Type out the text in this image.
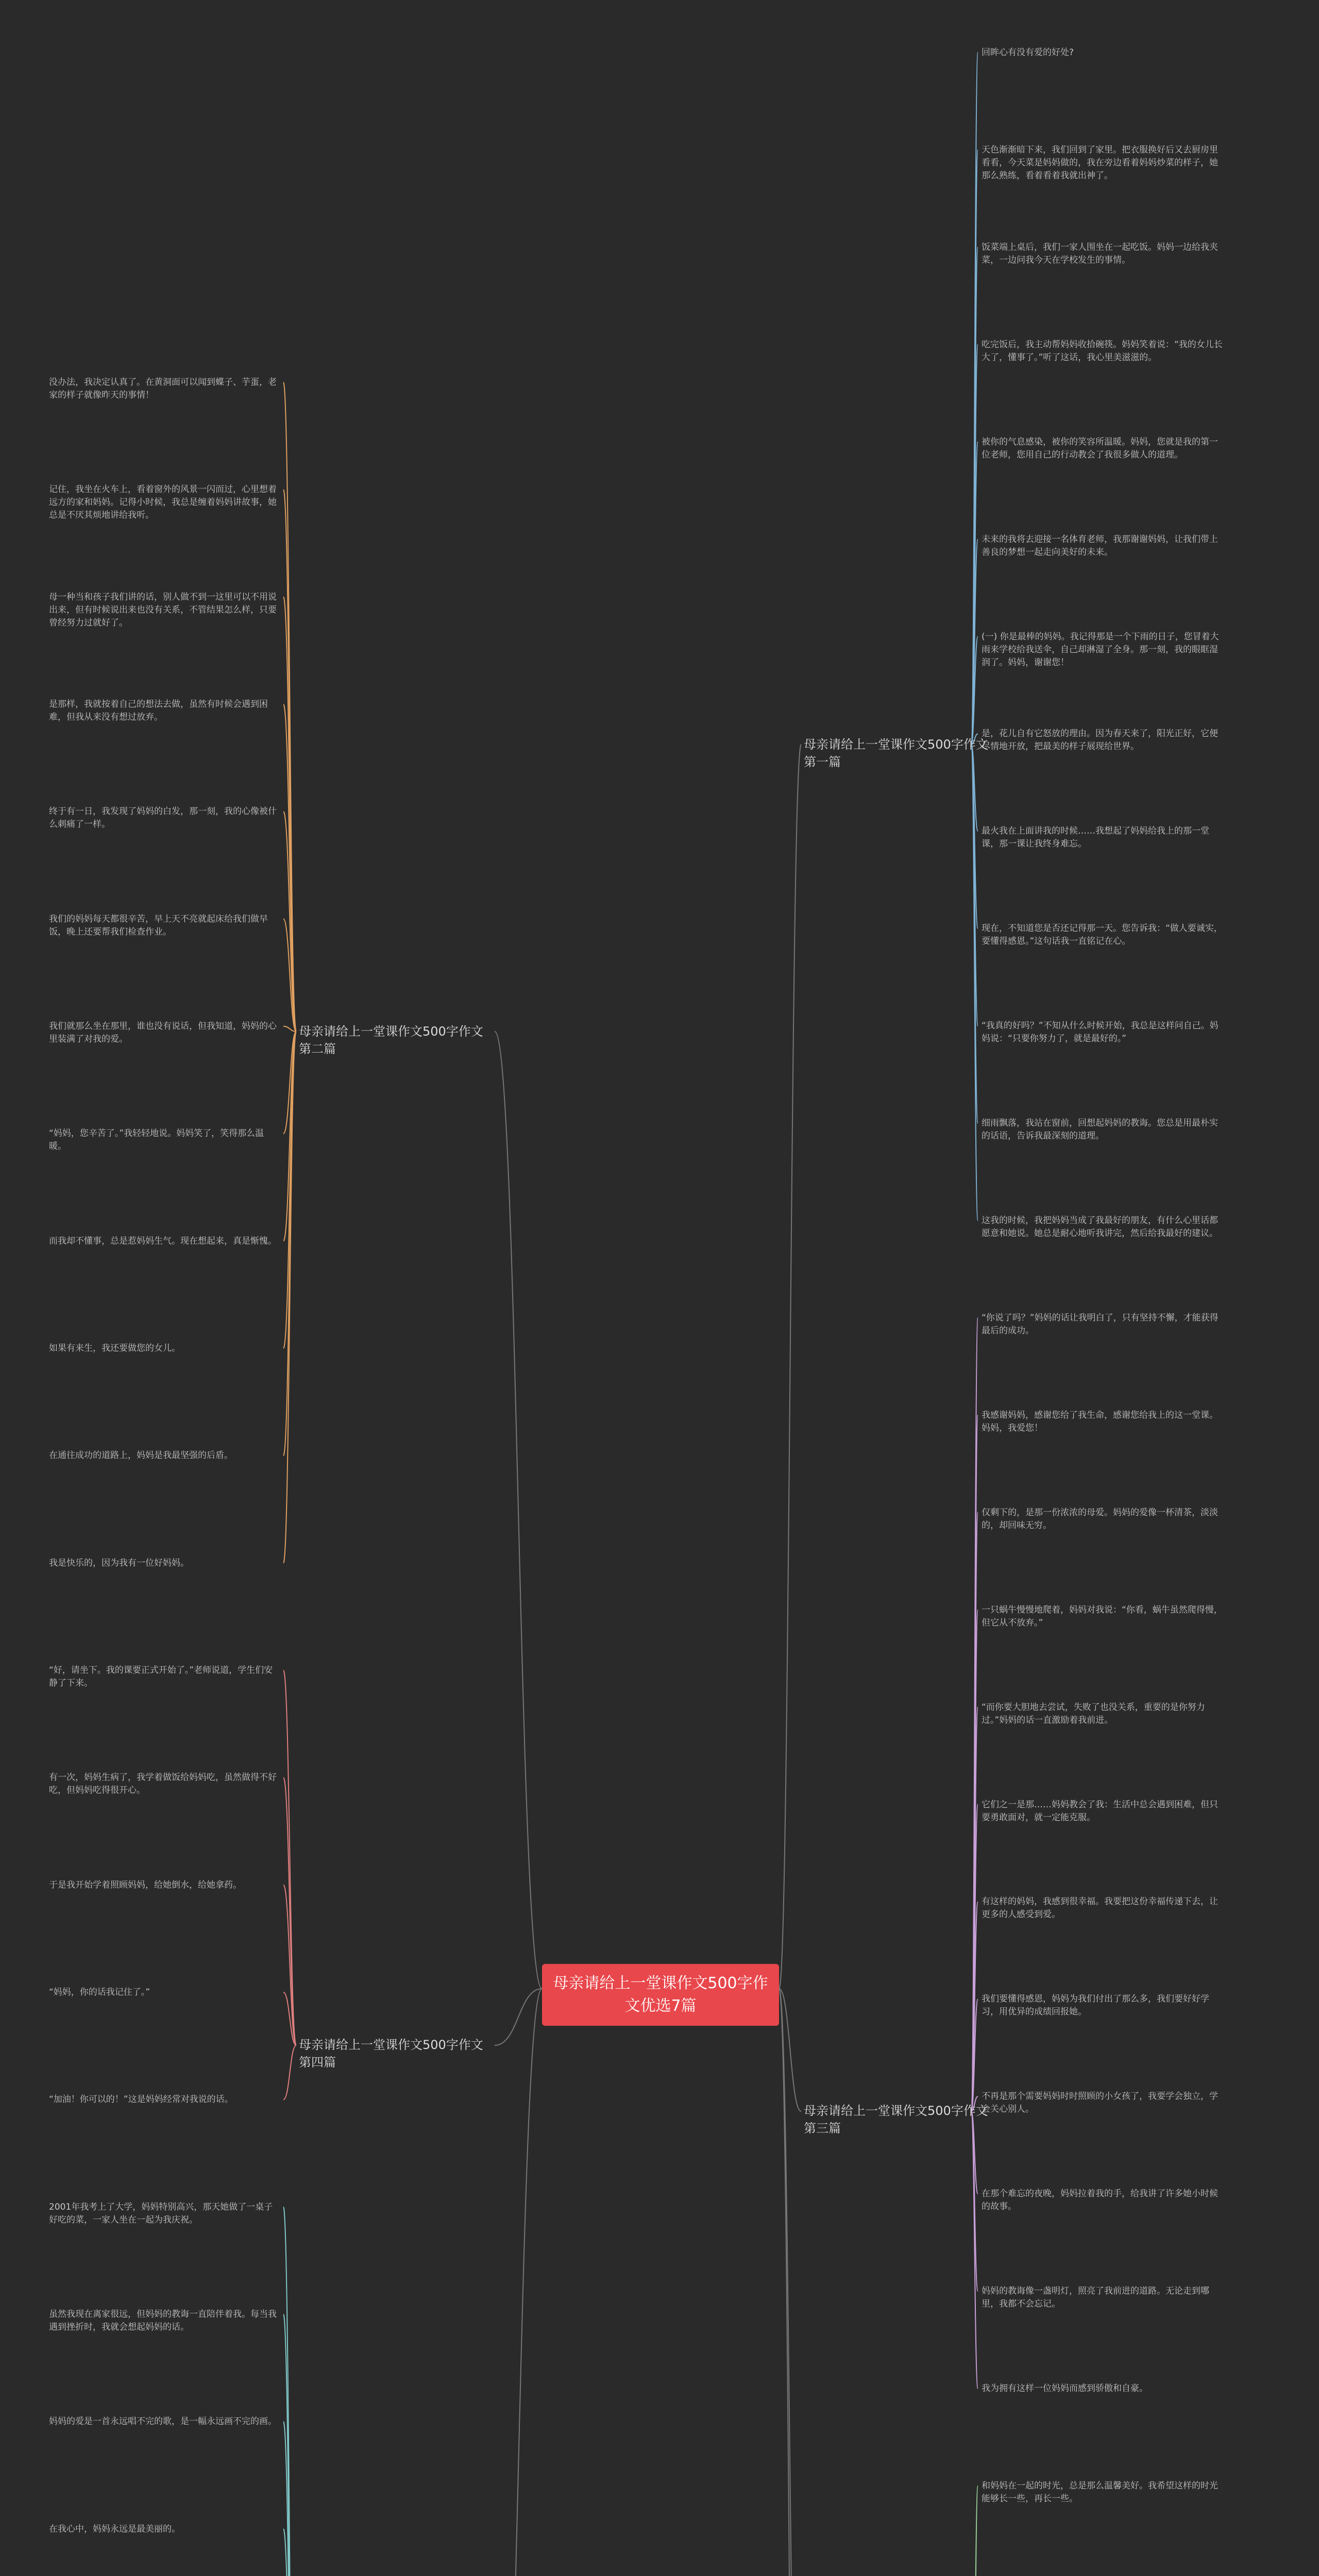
母亲请给上一堂课作文500字作文优选7篇
母亲请给上一堂课作文500字作文第一篇
母亲请给上一堂课作文500字作文第二篇
母亲请给上一堂课作文500字作文第三篇
母亲请给上一堂课作文500字作文第四篇
回眸心有没有爱的好处?
天色渐渐暗下来，我们回到了家里。把衣服换好后又去厨房里看看，今天菜是妈妈做的，我在旁边看着妈妈炒菜的样子，她那么熟练，看着看着我就出神了。
饭菜端上桌后，我们一家人围坐在一起吃饭。妈妈一边给我夹菜，一边问我今天在学校发生的事情。
吃完饭后，我主动帮妈妈收拾碗筷。妈妈笑着说：“我的女儿长大了，懂事了。”听了这话，我心里美滋滋的。
被你的气息感染，被你的笑容所温暖。妈妈，您就是我的第一位老师，您用自己的行动教会了我很多做人的道理。
未来的我将去迎接一名体育老师，我那谢谢妈妈，让我们带上善良的梦想一起走向美好的未来。
(一) 你是最棒的妈妈。我记得那是一个下雨的日子，您冒着大雨来学校给我送伞，自己却淋湿了全身。那一刻，我的眼眶湿润了。妈妈，谢谢您！
是，花儿自有它怒放的理由。因为春天来了，阳光正好，它便尽情地开放，把最美的样子展现给世界。
最火我在上面讲我的时候……我想起了妈妈给我上的那一堂课，那一课让我终身难忘。
现在，不知道您是否还记得那一天。您告诉我：“做人要诚实，要懂得感恩。”这句话我一直铭记在心。
“我真的好吗？”不知从什么时候开始，我总是这样问自己。妈妈说：“只要你努力了，就是最好的。”
细雨飘落，我站在窗前，回想起妈妈的教诲。您总是用最朴实的话语，告诉我最深刻的道理。
这我的时候，我把妈妈当成了我最好的朋友，有什么心里话都愿意和她说。她总是耐心地听我讲完，然后给我最好的建议。
“你说了吗？”妈妈的话让我明白了，只有坚持不懈，才能获得最后的成功。
我感谢妈妈，感谢您给了我生命，感谢您给我上的这一堂课。妈妈，我爱您！
仅剩下的，是那一份浓浓的母爱。妈妈的爱像一杯清茶，淡淡的，却回味无穷。
一只蜗牛慢慢地爬着，妈妈对我说：“你看，蜗牛虽然爬得慢，但它从不放弃。”
“而你要大胆地去尝试，失败了也没关系，重要的是你努力过。”妈妈的话一直激励着我前进。
它们之一是那……妈妈教会了我：生活中总会遇到困难，但只要勇敢面对，就一定能克服。
有这样的妈妈，我感到很幸福。我要把这份幸福传递下去，让更多的人感受到爱。
我们要懂得感恩，妈妈为我们付出了那么多，我们要好好学习，用优异的成绩回报她。
不再是那个需要妈妈时时照顾的小女孩了，我要学会独立，学会关心别人。
在那个难忘的夜晚，妈妈拉着我的手，给我讲了许多她小时候的故事。
妈妈的教诲像一盏明灯，照亮了我前进的道路。无论走到哪里，我都不会忘记。
我为拥有这样一位妈妈而感到骄傲和自豪。
和妈妈在一起的时光，总是那么温馨美好。我希望这样的时光能够长一些，再长一些。
没办法，我决定认真了。在黄洞面可以闻到蝶子、芋蛋，老家的样子就像昨天的事情！
记住，我坐在火车上，看着窗外的风景一闪而过，心里想着远方的家和妈妈。记得小时候，我总是缠着妈妈讲故事，她总是不厌其烦地讲给我听。
母一种当和孩子我们讲的话，别人做不到一这里可以不用说出来，但有时候说出来也没有关系，不管结果怎么样，只要曾经努力过就好了。
是那样，我就按着自己的想法去做，虽然有时候会遇到困难，但我从来没有想过放弃。
终于有一日，我发现了妈妈的白发，那一刻，我的心像被什么刺痛了一样。
我们的妈妈每天都很辛苦，早上天不亮就起床给我们做早饭，晚上还要帮我们检查作业。
我们就那么坐在那里，谁也没有说话，但我知道，妈妈的心里装满了对我的爱。
“妈妈，您辛苦了。”我轻轻地说。妈妈笑了，笑得那么温暖。
而我却不懂事，总是惹妈妈生气。现在想起来，真是惭愧。
如果有来生，我还要做您的女儿。
在通往成功的道路上，妈妈是我最坚强的后盾。
我是快乐的，因为我有一位好妈妈。
“好，请坐下。我的课要正式开始了。”老师说道，学生们安静了下来。
有一次，妈妈生病了，我学着做饭给妈妈吃，虽然做得不好吃，但妈妈吃得很开心。
于是我开始学着照顾妈妈，给她倒水，给她拿药。
“妈妈，你的话我记住了。”
“加油！你可以的！”这是妈妈经常对我说的话。
2001年我考上了大学，妈妈特别高兴，那天她做了一桌子好吃的菜，一家人坐在一起为我庆祝。
虽然我现在离家很远，但妈妈的教诲一直陪伴着我。每当我遇到挫折时，我就会想起妈妈的话。
妈妈的爱是一首永远唱不完的歌，是一幅永远画不完的画。
在我心中，妈妈永远是最美丽的。
